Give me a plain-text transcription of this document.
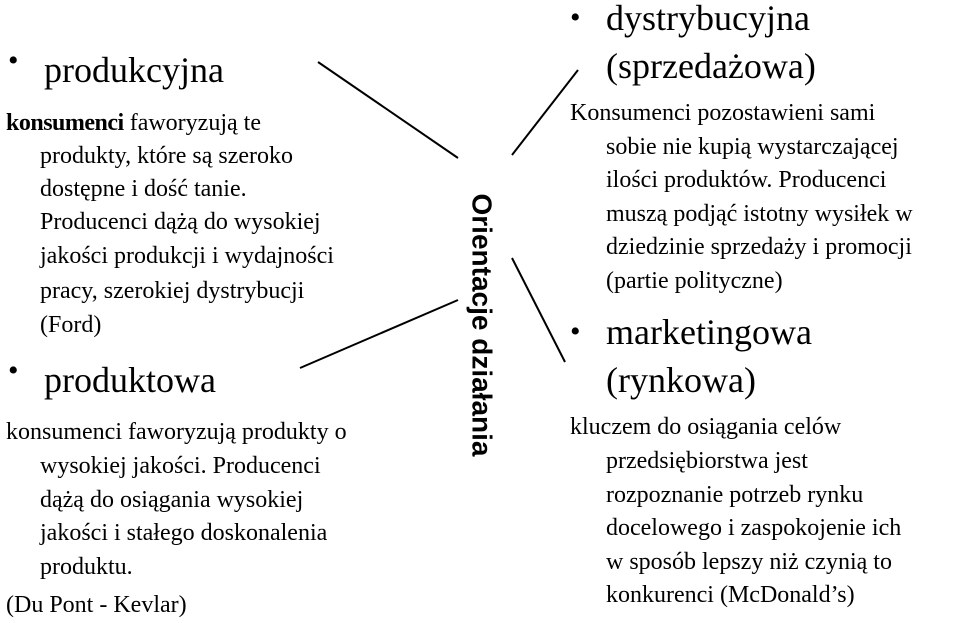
• produkcyjna
konsumenci faworyzują te
produkty, które są szeroko
dostępne i dość tanie.
Producenci dążą do wysokiej
jakości produkcji i wydajności
pracy, szerokiej dystrybucji
(Ford)
• produktowa
konsumenci faworyzują produkty o
wysokiej jakości. Producenci
dążą do osiągania wysokiej
jakości i stałego doskonalenia
produktu.
(Du Pont - Kevlar)
Orientacje działania
• dystrybucyjna
(sprzedażowa)
Konsumenci pozostawieni sami
sobie nie kupią wystarczającej
ilości produktów. Producenci
muszą podjąć istotny wysiłek w
dziedzinie sprzedaży i promocji
(partie polityczne)
• marketingowa
(rynkowa)
kluczem do osiągania celów
przedsiębiorstwa jest
rozpoznanie potrzeb rynku
docelowego i zaspokojenie ich
w sposób lepszy niż czynią to
konkurenci (McDonald’s)
